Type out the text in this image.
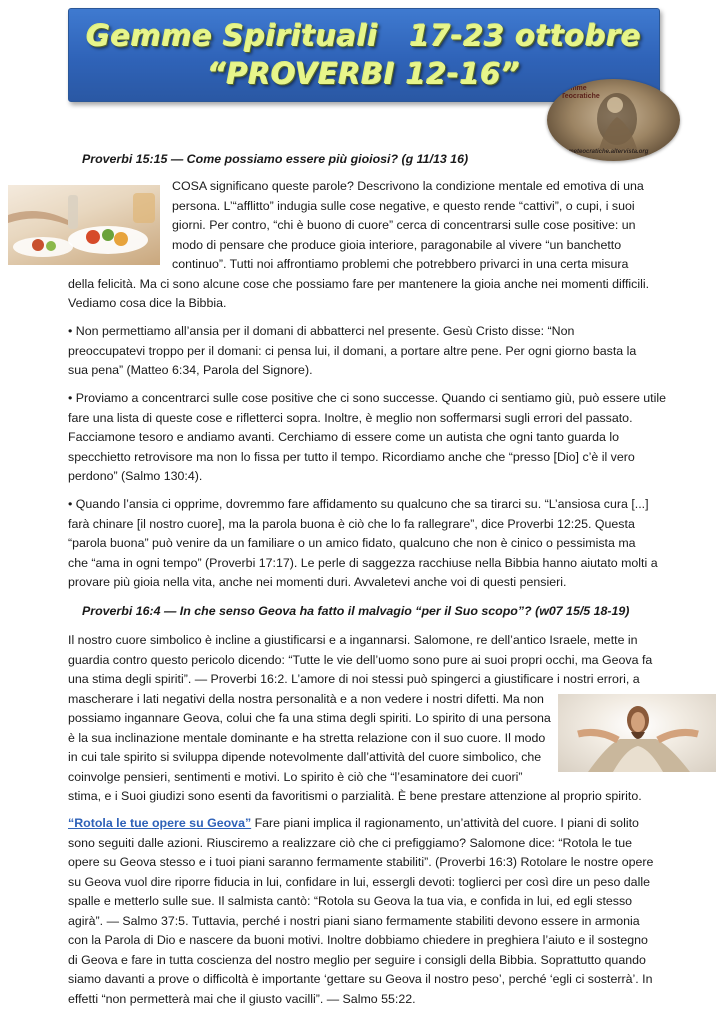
Gemme Spirituali   17-23 ottobre
“PROVERBI 12-16”	Gemme
Teocratiche
gemmeteocratiche.altervista.org
Proverbi 15:15 — Come possiamo essere più gioiosi? (g 11/13 16)
COSA significano queste parole? Descrivono la condizione mentale ed emotiva di una
persona. L’“afflitto” indugia sulle cose negative, e questo rende “cattivi”, o cupi, i suoi
giorni. Per contro, “chi è buono di cuore” cerca di concentrarsi sulle cose positive: un
modo di pensare che produce gioia interiore, paragonabile al vivere “un banchetto
continuo”. Tutti noi affrontiamo problemi che potrebbero privarci in una certa misura
della felicità. Ma ci sono alcune cose che possiamo fare per mantenere la gioia anche nei momenti difficili.
Vediamo cosa dice la Bibbia.
• Non permettiamo all’ansia per il domani di abbatterci nel presente. Gesù Cristo disse: “Non
preoccupatevi troppo per il domani: ci pensa lui, il domani, a portare altre pene. Per ogni giorno basta la
sua pena” (Matteo 6:34, Parola del Signore).
• Proviamo a concentrarci sulle cose positive che ci sono successe. Quando ci sentiamo giù, può essere utile
fare una lista di queste cose e rifletterci sopra. Inoltre, è meglio non soffermarsi sugli errori del passato.
Facciamone tesoro e andiamo avanti. Cerchiamo di essere come un autista che ogni tanto guarda lo
specchietto retrovisore ma non lo fissa per tutto il tempo. Ricordiamo anche che “presso [Dio] c’è il vero
perdono” (Salmo 130:4).
• Quando l’ansia ci opprime, dovremmo fare affidamento su qualcuno che sa tirarci su. “L’ansiosa cura [...]
farà chinare [il nostro cuore], ma la parola buona è ciò che lo fa rallegrare”, dice Proverbi 12:25. Questa
“parola buona” può venire da un familiare o un amico fidato, qualcuno che non è cinico o pessimista ma
che “ama in ogni tempo” (Proverbi 17:17). Le perle di saggezza racchiuse nella Bibbia hanno aiutato molti a
provare più gioia nella vita, anche nei momenti duri. Avvaletevi anche voi di questi pensieri.
Proverbi 16:4 — In che senso Geova ha fatto il malvagio “per il Suo scopo”? (w07 15/5 18-19)
Il nostro cuore simbolico è incline a giustificarsi e a ingannarsi. Salomone, re dell’antico Israele, mette in
guardia contro questo pericolo dicendo: “Tutte le vie dell’uomo sono pure ai suoi propri occhi, ma Geova fa
una stima degli spiriti”. — Proverbi 16:2. L’amore di noi stessi può spingerci a giustificare i nostri errori, a
mascherare i lati negativi della nostra personalità e a non vedere i nostri difetti. Ma non
possiamo ingannare Geova, colui che fa una stima degli spiriti. Lo spirito di una persona
è la sua inclinazione mentale dominante e ha stretta relazione con il suo cuore. Il modo
in cui tale spirito si sviluppa dipende notevolmente dall’attività del cuore simbolico, che
coinvolge pensieri, sentimenti e motivi. Lo spirito è ciò che “l’esaminatore dei cuori”
stima, e i Suoi giudizi sono esenti da favoritismi o parzialità. È bene prestare attenzione al proprio spirito.
“Rotola le tue opere su Geova” Fare piani implica il ragionamento, un’attività del cuore. I piani di solito
sono seguiti dalle azioni. Riusciremo a realizzare ciò che ci prefiggiamo? Salomone dice: “Rotola le tue
opere su Geova stesso e i tuoi piani saranno fermamente stabiliti”. (Proverbi 16:3) Rotolare le nostre opere
su Geova vuol dire riporre fiducia in lui, confidare in lui, essergli devoti: toglierci per così dire un peso dalle
spalle e metterlo sulle sue. Il salmista cantò: “Rotola su Geova la tua via, e confida in lui, ed egli stesso
agirà”. — Salmo 37:5. Tuttavia, perché i nostri piani siano fermamente stabiliti devono essere in armonia
con la Parola di Dio e nascere da buoni motivi. Inoltre dobbiamo chiedere in preghiera l’aiuto e il sostegno
di Geova e fare in tutta coscienza del nostro meglio per seguire i consigli della Bibbia. Soprattutto quando
siamo davanti a prove o difficoltà è importante ‘gettare su Geova il nostro peso’, perché ‘egli ci sosterrà’. In
effetti “non permetterà mai che il giusto vacilli”. — Salmo 55:22.
